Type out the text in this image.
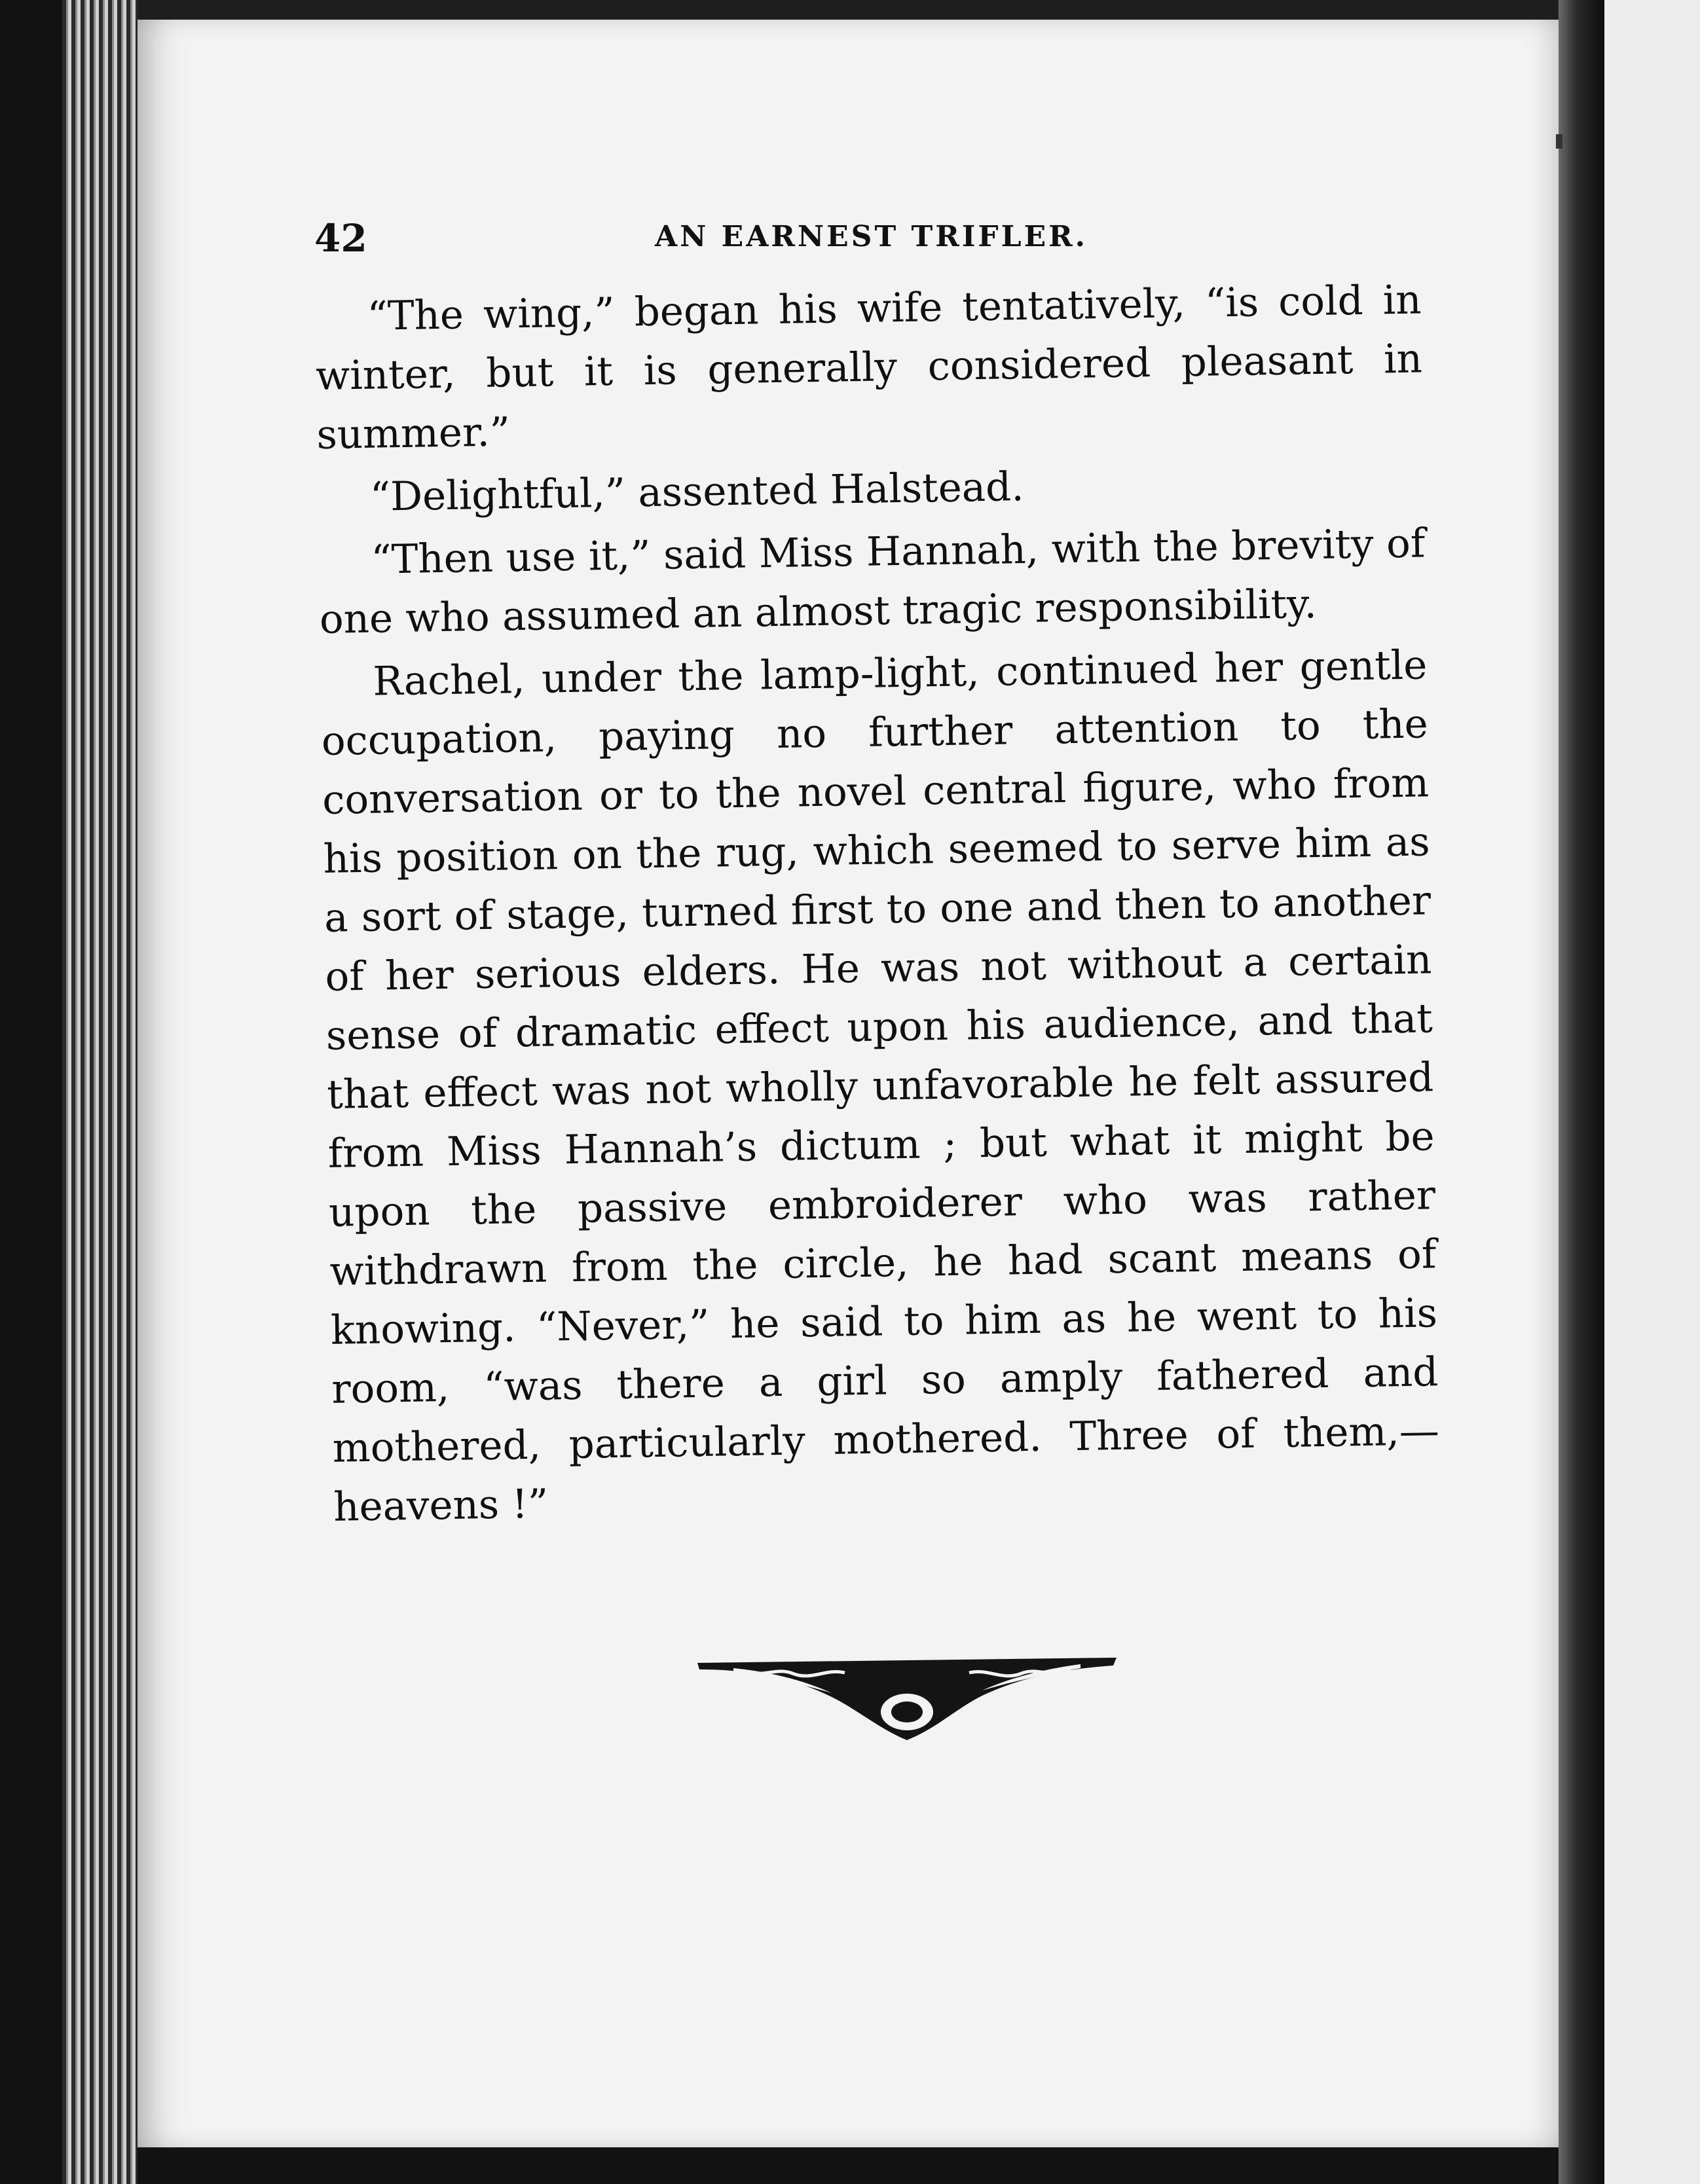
42	AN EARNEST TRIFLER.

“The wing,” began his wife tentatively, “is cold in winter, but it is generally considered pleasant in summer.”

“Delightful,” assented Halstead.

“Then use it,” said Miss Hannah, with the brevity of one who assumed an almost tragic responsibility.

Rachel, under the lamp-light, continued her gentle occupation, paying no further attention to the conversation or to the novel central figure, who from his position on the rug, which seemed to serve him as a sort of stage, turned first to one and then to another of her serious elders. He was not without a certain sense of dramatic effect upon his audience, and that that effect was not wholly unfavorable he felt assured from Miss Hannah’s dictum ; but what it might be upon the passive embroiderer who was rather withdrawn from the circle, he had scant means of knowing. “Never,” he said to him as he went to his room, “was there a girl so amply fathered and mothered, particularly mothered. Three of them,—heavens !”
